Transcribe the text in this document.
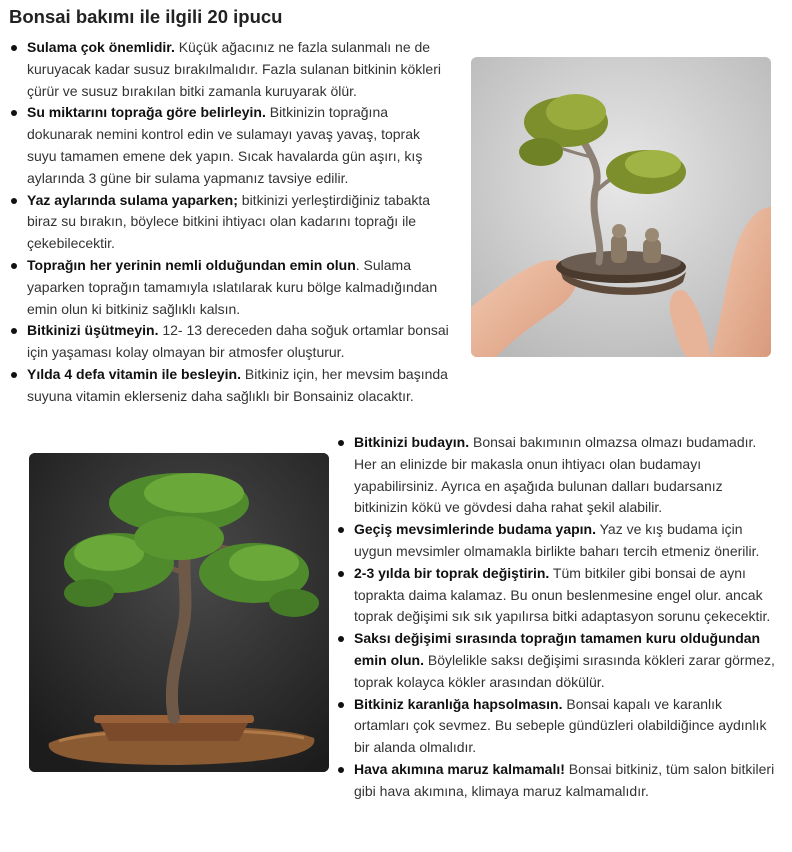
Bonsai bakımı ile ilgili 20 ipucu
Sulama çok önemlidir. Küçük ağacınız ne fazla sulanmalı ne de kuruyacak kadar susuz bırakılmalıdır. Fazla sulanan bitkinin kökleri çürür ve susuz bırakılan bitki zamanla kuruyarak ölür.
Su miktarını toprağa göre belirleyin. Bitkinizin toprağına dokunarak nemini kontrol edin ve sulamayı yavaş yavaş, toprak suyu tamamen emene dek yapın. Sıcak havalarda gün aşırı, kış aylarında 3 güne bir sulama yapmanız tavsiye edilir.
Yaz aylarında sulama yaparken; bitkinizi yerleştirdiğiniz tabakta biraz su bırakın, böylece bitkini ihtiyacı olan kadarını toprağı ile çekebilecektir.
Toprağın her yerinin nemli olduğundan emin olun. Sulama yaparken toprağın tamamıyla ıslatılarak kuru bölge kalmadığından emin olun ki bitkiniz sağlıklı kalsın.
Bitkinizi üşütmeyin. 12- 13 dereceden daha soğuk ortamlar bonsai için yaşaması kolay olmayan bir atmosfer oluşturur.
Yılda 4 defa vitamin ile besleyin. Bitkiniz için, her mevsim başında suyuna vitamin eklerseniz daha sağlıklı bir Bonsainiz olacaktır.
Bitkinizi budayın. Bonsai bakımının olmazsa olmazı budamadır. Her an elinizde bir makasla onun ihtiyacı olan budamayı yapabilirsiniz. Ayrıca en aşağıda bulunan dalları budarsanız bitkinizin kökü ve gövdesi daha rahat şekil alabilir.
Geçiş mevsimlerinde budama yapın. Yaz ve kış budama için uygun mevsimler olmamakla birlikte baharı tercih etmeniz önerilir.
2-3 yılda bir toprak değiştirin. Tüm bitkiler gibi bonsai de aynı toprakta daima kalamaz. Bu onun beslenmesine engel olur. ancak toprak değişimi sık sık yapılırsa bitki adaptasyon sorunu çekecektir.
Saksı değişimi sırasında toprağın tamamen kuru olduğundan emin olun. Böylelikle saksı değişimi sırasında kökleri zarar görmez, toprak kolayca kökler arasından dökülür.
Bitkiniz karanlığa hapsolmasın. Bonsai kapalı ve karanlık ortamları çok sevmez. Bu sebeple gündüzleri olabildiğince aydınlık bir alanda olmalıdır.
Hava akımına maruz kalmamalı! Bonsai bitkiniz, tüm salon bitkileri gibi hava akımına, klimaya maruz kalmamalıdır.
